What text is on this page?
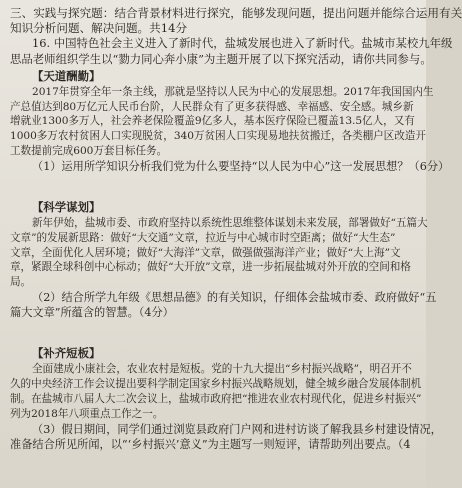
三、实践与探究题：结合背景材料进行探究，能够发现问题，提出问题并能综合运用有关
知识分析问题、解决问题。共14分
16. 中国特色社会主义进入了新时代，盐城发展也进入了新时代。盐城市某校九年级
思品老师组织学生以“勠力同心奔小康”为主题开展了以下探究活动，请你共同参与。
【天道酬勤】
2017年贯穿全年一条主线，那就是坚持以人民为中心的发展思想。2017年我国国内生
产总值达到80万亿元人民币台阶，人民群众有了更多获得感、幸福感、安全感。城乡新
增就业1300多万人，社会养老保险覆盖9亿多人，基本医疗保险已覆盖13.5亿人，又有
1000多万农村贫困人口实现脱贫，340万贫困人口实现易地扶贫搬迁，各类棚户区改造开
工数提前完成600万套目标任务。
（1）运用所学知识分析我们党为什么要坚持“以人民为中心”这一发展思想？（6分）
【科学谋划】
新年伊始，盐城市委、市政府坚持以系统性思维整体谋划未来发展，部署做好“五篇大
文章”的发展新思路：做好“大交通”文章，拉近与中心城市时空距离；做好“大生态”
文章，全面优化人居环境；做好“大海洋”文章，做强做强海洋产业；做好“大上海”文
章，紧跟全球科创中心标动；做好“大开放”文章，进一步拓展盐城对外开放的空间和格
局。
（2）结合所学九年级《思想品德》的有关知识，仔细体会盐城市委、政府做好“五
篇大文章”所蕴含的智慧。（4分）
【补齐短板】
全面建成小康社会，农业农村是短板。党的十九大提出“乡村振兴战略”，明召开不
久的中央经济工作会议提出要科学制定国家乡村振兴战略规划，健全城乡融合发展体制机
制。在盐城市八届人大二次会议上，盐城市政府把“推进农业农村现代化，促进乡村振兴”
列为2018年八项重点工作之一。
（3）假日期间，同学们通过浏览县政府门户网和进村访谈了解我县乡村建设情况，
准备结合所见所闻，以“‘乡村振兴’意义”为主题写一则短评，请帮助列出要点。（4
